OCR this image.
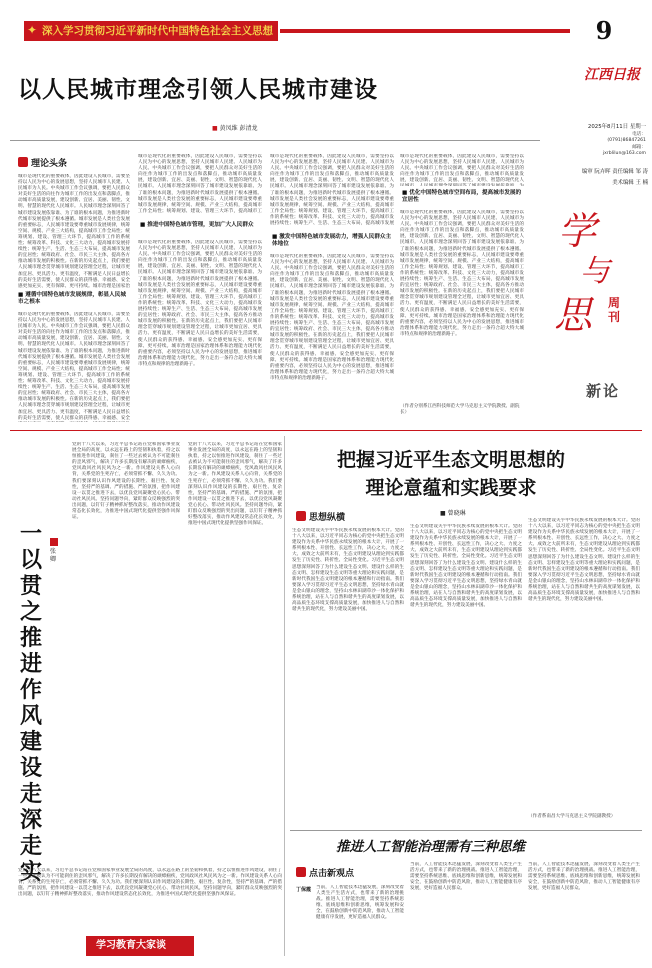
✦ 深入学习贯彻习近平新时代中国特色社会主义思想	9
以人民城市理念引领人民城市建设
■ 黄凤维 彭清龙
江西日报
2025年8月11日 星期一
电话：
(0791)86847261
邮箱：
jxrblilun@163.com
编审 阮卉晖 责任编辑 邹 涛
美术编辑 王 楠
学
与
思 周刊
新论
理论头条
城市是现代化的重要载体，因此建设人民城市，需要坚持以人民为中心的发展思想，坚持人民城市人民建、人民城市为人民。中央城市工作会议强调，要把人民群众对美好生活的向往作为城市工作的出发点和落脚点，推动城市高质量发展，建设创新、宜居、美丽、韧性、文明、智慧的现代化人民城市。人民城市理念深刻回答了城市建设发展依靠谁、为了谁的根本问题，为推进新时代城市发展提供了根本遵循。城市发展是人类社会发展的重要标志，人民城市建设要尊重城市发展规律，统筹空间、规模、产业三大结构，提高城市工作全局性；统筹规划、建设、管理三大环节，提高城市工作的系统性；统筹改革、科技、文化三大动力，提高城市发展持续性；统筹生产、生活、生态三大布局，提高城市发展的宜居性；统筹政府、社会、市民三大主体，提高各方推动城市发展的积极性。在新的历史起点上，我们要把人民城市理念贯穿城市规划建设管理全过程，让城市更加宜居、更具活力、更有温度，不断满足人民日益增长的美好生活需要，使人民群众的获得感、幸福感、安全感更加充实、更有保障、更可持续。城市治理是国家治
■ 遵循中国特色城市发展规律，彰显人民城市之根本
城市是现代化的重要载体，因此建设人民城市，需要坚持以人民为中心的发展思想，坚持人民城市人民建、人民城市为人民。中央城市工作会议强调，要把人民群众对美好生活的向往作为城市工作的出发点和落脚点，推动城市高质量发展，建设创新、宜居、美丽、韧性、文明、智慧的现代化人民城市。人民城市理念深刻回答了城市建设发展依靠谁、为了谁的根本问题，为推进新时代城市发展提供了根本遵循。城市发展是人类社会发展的重要标志，人民城市建设要尊重城市发展规律，统筹空间、规模、产业三大结构，提高城市工作全局性；统筹规划、建设、管理三大环节，提高城市工作的系统性；统筹改革、科技、文化三大动力，提高城市发展持续性；统筹生产、生活、生态三大布局，提高城市发展的宜居性；统筹政府、社会、市民三大主体，提高各方推动城市发展的积极性。在新的历史起点上，我们要把人民城市理念贯穿城市规划建设管理全过程，让城市更加宜居、更具活力、更有温度，不断满足人民日益增长的美好生活需要，使人民群众的获得感、幸福感、安全
城市是现代化的重要载体，因此建设人民城市，需要坚持以人民为中心的发展思想，坚持人民城市人民建、人民城市为人民。中央城市工作会议强调，要把人民群众对美好生活的向往作为城市工作的出发点和落脚点，推动城市高质量发展，建设创新、宜居、美丽、韧性、文明、智慧的现代化人民城市。人民城市理念深刻回答了城市建设发展依靠谁、为了谁的根本问题，为推进新时代城市发展提供了根本遵循。城市发展是人类社会发展的重要标志，人民城市建设要尊重城市发展规律，统筹空间、规模、产业三大结构，提高城市工作全局性；统筹规划、建设、管理三大环节，提高城市工
■ 推进中国特色城市管理，更加广大人民群众
城市是现代化的重要载体，因此建设人民城市，需要坚持以人民为中心的发展思想，坚持人民城市人民建、人民城市为人民。中央城市工作会议强调，要把人民群众对美好生活的向往作为城市工作的出发点和落脚点，推动城市高质量发展，建设创新、宜居、美丽、韧性、文明、智慧的现代化人民城市。人民城市理念深刻回答了城市建设发展依靠谁、为了谁的根本问题，为推进新时代城市发展提供了根本遵循。城市发展是人类社会发展的重要标志，人民城市建设要尊重城市发展规律，统筹空间、规模、产业三大结构，提高城市工作全局性；统筹规划、建设、管理三大环节，提高城市工作的系统性；统筹改革、科技、文化三大动力，提高城市发展持续性；统筹生产、生活、生态三大布局，提高城市发展的宜居性；统筹政府、社会、市民三大主体，提高各方推动城市发展的积极性。在新的历史起点上，我们要把人民城市理念贯穿城市规划建设管理全过程，让城市更加宜居、更具活力、更有温度，不断满足人民日益增长的美好生活需要，使人民群众的获得感、幸福感、安全感更加充实、更有保障、更可持续。城市治理是国家治理体系和治理能力现代化的重要内容，必须坚持以人民为中心的发展思想，推进城市治理体系和治理能力现代化，努力走出一条符合超大特大城市特点和规律的治理新路子。
城市是现代化的重要载体，因此建设人民城市，需要坚持以人民为中心的发展思想，坚持人民城市人民建、人民城市为人民。中央城市工作会议强调，要把人民群众对美好生活的向往作为城市工作的出发点和落脚点，推动城市高质量发展，建设创新、宜居、美丽、韧性、文明、智慧的现代化人民城市。人民城市理念深刻回答了城市建设发展依靠谁、为了谁的根本问题，为推进新时代城市发展提供了根本遵循。城市发展是人类社会发展的重要标志，人民城市建设要尊重城市发展规律，统筹空间、规模、产业三大结构，提高城市工作全局性；统筹规划、建设、管理三大环节，提高城市工作的系统性；统筹改革、科技、文化三大动力，提高城市发展持续性；统筹生产、生活、生态三大布局，提高城市发展
■ 激发中国特色城市发展动力，增强人民群众主体地位
城市是现代化的重要载体，因此建设人民城市，需要坚持以人民为中心的发展思想，坚持人民城市人民建、人民城市为人民。中央城市工作会议强调，要把人民群众对美好生活的向往作为城市工作的出发点和落脚点，推动城市高质量发展，建设创新、宜居、美丽、韧性、文明、智慧的现代化人民城市。人民城市理念深刻回答了城市建设发展依靠谁、为了谁的根本问题，为推进新时代城市发展提供了根本遵循。城市发展是人类社会发展的重要标志，人民城市建设要尊重城市发展规律，统筹空间、规模、产业三大结构，提高城市工作全局性；统筹规划、建设、管理三大环节，提高城市工作的系统性；统筹改革、科技、文化三大动力，提高城市发展持续性；统筹生产、生活、生态三大布局，提高城市发展的宜居性；统筹政府、社会、市民三大主体，提高各方推动城市发展的积极性。在新的历史起点上，我们要把人民城市理念贯穿城市规划建设管理全过程，让城市更加宜居、更具活力、更有温度，不断满足人民日益增长的美好生活需要，使人民群众的获得感、幸福感、安全感更加充实、更有保障、更可持续。城市治理是国家治理体系和治理能力现代化的重要内容，必须坚持以人民为中心的发展思想，推进城市治理体系和治理能力现代化，努力走出一条符合超大特大城市特点和规律的治理新路子。
城市是现代化的重要载体，因此建设人民城市，需要坚持以人民为中心的发展思想，坚持人民城市人民建、人民城市为人民。中央城市工作会议强调，要把人民群众对美好生活的向往作为城市工作的出发点和落脚点，推动城市高质量发展，建设创新、宜居、美丽、韧性、文明、智慧的现代化人
■ 优化中国特色城市空间布局，提高城市发展的宜居性
城市是现代化的重要载体，因此建设人民城市，需要坚持以人民为中心的发展思想，坚持人民城市人民建、人民城市为人民。中央城市工作会议强调，要把人民群众对美好生活的向往作为城市工作的出发点和落脚点，推动城市高质量发展，建设创新、宜居、美丽、韧性、文明、智慧的现代化人民城市。人民城市理念深刻回答了城市建设发展依靠谁、为了谁的根本问题，为推进新时代城市发展提供了根本遵循。城市发展是人类社会发展的重要标志，人民城市建设要尊重城市发展规律，统筹空间、规模、产业三大结构，提高城市工作全局性；统筹规划、建设、管理三大环节，提高城市工作的系统性；统筹改革、科技、文化三大动力，提高城市发展持续性；统筹生产、生活、生态三大布局，提高城市发展的宜居性；统筹政府、社会、市民三大主体，提高各方推动城市发展的积极性。在新的历史起点上，我们要把人民城市理念贯穿城市规划建设管理全过程，让城市更加宜居、更具活力、更有温度，不断满足人民日益增长的美好生活需要，使人民群众的获得感、幸福感、安全感更加充实、更有保障、更可持续。城市治理是国家治理体系和治理能力现代化的重要内容，必须坚持以人民为中心的发展思想，推进城市治理体系和治理能力现代化，努力走出一条符合超大特大城市特点和规律的治理新路子。
（作者分别系江西科技师范大学马克思主义学院教授、副院长）
一以贯之推进作风建设走深走实
张 卿
党的十八大以来，习近平总书记站在党和国家事业发展全局的高度，以永远在路上的坚韧和执着，持之以恒推进作风建设，刹住了一些过去被认为不可能刹住的歪风邪气，解决了许多长期没有解决的顽瘴痼疾，党风政风社风民风为之一新。作风建设关系人心向背，关系党的生死存亡，必须常抓不懈、久久为功。我们要深刻认识作风建设的长期性、艰巨性、复杂性，坚持严的基调、严的措施、严的氛围，把作风建设一以贯之推进下去，以优良党风凝聚党心民心、带动社风民风。坚持问题导向，紧盯群众反映强烈的突出问题，以钉钉子精神抓好整改落实，推动作风建设常态化长效化，为推进中国式现代化提供坚强作风保证。
党的十八大以来，习近平总书记站在党和国家事业发展全局的高度，以永远在路上的坚韧和执着，持之以恒推进作风建设，刹住了一些过去被认为不可能刹住的歪风邪气，解决了许多长期没有解决的顽瘴痼疾，党风政风社风民风为之一新。作风建设关系人心向背，关系党的生死存亡，必须常抓不懈、久久为功。我们要深刻认识作风建设的长期性、艰巨性、复杂性，坚持严的基调、严的措施、严的氛围，把作风建设一以贯之推进下去，以优良党风凝聚党心民心、带动社风民风。坚持问题导向，紧盯群众反映强烈的突出问题，以钉钉子精神抓好整改落实，推动作风建设常态化长效化，为推进中国式现代化提供坚强作风保证。
学习教育大家谈
党的十八大以来，习近平总书记站在党和国家事业发展全局的高度，以永远在路上的坚韧和执着，持之以恒推进作风建设，刹住了一些过去被认为不可能刹住的歪风邪气，解决了许多长期没有解决的顽瘴痼疾，党风政风社风民风为之一新。作风建设关系人心向背，关系党的生死存亡，必须常抓不懈、久久为功。我们要深刻认识作风建设的长期性、艰巨性、复杂性，坚持严的基调、严的措施、严的氛围，把作风建设一以贯之推进下去，以优良党风凝聚党心民心、带动社风民风。坚持问题导向，紧盯群众反映强烈的突出问题，以钉钉子精神抓好整改落实，推动作风建设常态化长效化，为推进中国式现代化提供坚强作风保证。
把握习近平生态文明思想的
理论意蕴和实践要求
■ 曾晓琳
思想纵横
生态文明建设关乎中华民族永续发展的根本大计。党的十八大以来，以习近平同志为核心的党中央把生态文明建设作为关系中华民族永续发展的根本大计，开展了一系列根本性、开创性、长远性工作，决心之大、力度之大、成效之大前所未有，生态文明建设从理论到实践都发生了历史性、转折性、全局性变化。习近平生态文明思想深刻回答了为什么建设生态文明、建设什么样的生态文明、怎样建设生态文明等重大理论和实践问题，是新时代我国生态文明建设的根本遵循和行动指南。我们要深入学习贯彻习近平生态文明思想，坚持绿水青山就是金山银山的理念，坚持山水林田湖草沙一体化保护和系统治理，站在人与自然和谐共生的高度谋划发展，以高品质生态环境支撑高质量发展，加快推进人与自然和谐共生的现代化，努力建设美丽中国。
生态文明建设关乎中华民族永续发展的根本大计。党的十八大以来，以习近平同志为核心的党中央把生态文明建设作为关系中华民族永续发展的根本大计，开展了一系列根本性、开创性、长远性工作，决心之大、力度之大、成效之大前所未有，生态文明建设从理论到实践都发生了历史性、转折性、全局性变化。习近平生态文明思想深刻回答了为什么建设生态文明、建设什么样的生态文明、怎样建设生态文明等重大理论和实践问题，是新时代我国生态文明建设的根本遵循和行动指南。我们要深入学习贯彻习近平生态文明思想，坚持绿水青山就是金山银山的理念，坚持山水林田湖草沙一体化保护和系统治理，站在人与自然和谐共生的高度谋划发展，以高品质生态环境支撑高质量发展，加快推进人与自然和谐共生的现代化，努力建设美丽中国。
生态文明建设关乎中华民族永续发展的根本大计。党的十八大以来，以习近平同志为核心的党中央把生态文明建设作为关系中华民族永续发展的根本大计，开展了一系列根本性、开创性、长远性工作，决心之大、力度之大、成效之大前所未有，生态文明建设从理论到实践都发生了历史性、转折性、全局性变化。习近平生态文明思想深刻回答了为什么建设生态文明、建设什么样的生态文明、怎样建设生态文明等重大理论和实践问题，是新时代我国生态文明建设的根本遵循和行动指南。我们要深入学习贯彻习近平生态文明思想，坚持绿水青山就是金山银山的理念，坚持山水林田湖草沙一体化保护和系统治理，站在人与自然和谐共生的高度谋划发展，以高品质生态环境支撑高质量发展，加快推进人与自然和谐共生的现代化，努力建设美丽中国。
（作者系南昌大学马克思主义学院副教授）
推进人工智能治理需有三种思维
点击新观点
丁保霞 当前，人工智能技术迅猛发展，深刻改变着人类生产生活方式，也带来了新的治理挑战。推进人工智能治理，需要坚持系统思维、底线思维和创新思维，统筹发展和安全，在鼓励创新中防范风险，推动人工智能健康有序发展，更好造福人民群众。
当前，人工智能技术迅猛发展，深刻改变着人类生产生活方式，也带来了新的治理挑战。推进人工智能治理，需要坚持系统思维、底线思维和创新思维，统筹发展和安全，在鼓励创新中防范风险，推动人工智能健康有序发展，更好造福人民群众。
当前，人工智能技术迅猛发展，深刻改变着人类生产生活方式，也带来了新的治理挑战。推进人工智能治理，需要坚持系统思维、底线思维和创新思维，统筹发展和安全，在鼓励创新中防范风险，推动人工智能健康有序发展，更好造福人民群众。
